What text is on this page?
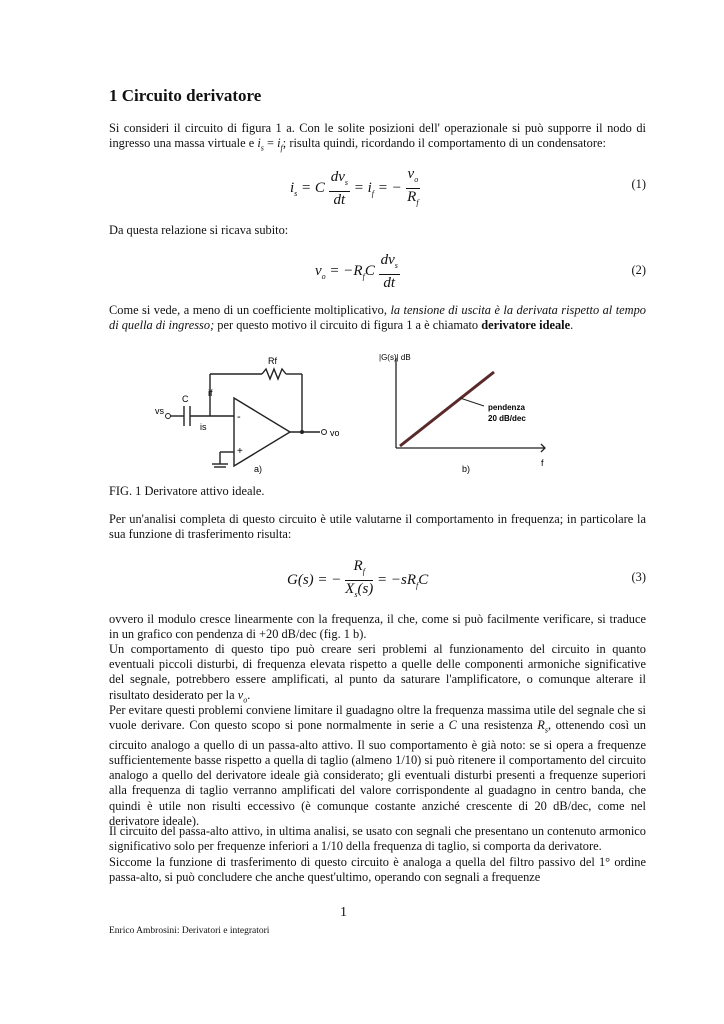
1 Circuito derivatore

Si consideri il circuito di figura 1 a. Con le solite posizioni dell' operazionale si può supporre il nodo di ingresso una massa virtuale e $i_s = i_f$; risulta quindi, ricordando il comportamento di un condensatore:

$i_s = C \frac{dv_s}{dt} = i_f$ = − $\frac{v_o}{R_f}$	(1)

Da questa relazione si ricava subito:

$v_o = -R_fC \frac{dv_s}{dt}$	(2)

Come si vede, a meno di un coefficiente moltiplicativo, la tensione di uscita è la derivata rispetto al tempo di quella di ingresso; per questo motivo il circuito di figura 1 a è chiamato derivatore ideale.

Rf
if
C
vs
is
-
+
vo
a)
|G(s)| dB
pendenza
20 dB/dec
f
b)
FIG. 1 Derivatore attivo ideale.

Per un'analisi completa di questo circuito è utile valutarne il comportamento in frequenza; in particolare la sua funzione di trasferimento risulta:

G(s) = − $\frac{R_f}{X_s(s)} = -sR_fC$	(3)

ovvero il modulo cresce linearmente con la frequenza, il che, come si può facilmente verificare, si traduce in un grafico con pendenza di +20 dB/dec (fig. 1 b).

Un comportamento di questo tipo può creare seri problemi al funzionamento del circuito in quanto eventuali piccoli disturbi, di frequenza elevata rispetto a quelle delle componenti armoniche significative del segnale, potrebbero essere amplificati, al punto da saturare l'amplificatore, o comunque alterare il risultato desiderato per la $v_o$.

Per evitare questi problemi conviene limitare il guadagno oltre la frequenza massima utile del segnale che si vuole derivare. Con questo scopo si pone normalmente in serie a C una resistenza $R_s$, ottenendo così un circuito analogo a quello di un passa-alto attivo. Il suo comportamento è già noto: se si opera a frequenze sufficientemente basse rispetto a quella di taglio (almeno 1/10) si può ritenere il comportamento del circuito analogo a quello del derivatore ideale già considerato; gli eventuali disturbi presenti a frequenze superiori alla frequenza di taglio verranno amplificati del valore corrispondente al guadagno in centro banda, che quindi è utile non risulti eccessivo (è comunque costante anziché crescente di 20 dB/dec, come nel derivatore ideale).

Il circuito del passa-alto attivo, in ultima analisi, se usato con segnali che presentano un contenuto armonico significativo solo per frequenze inferiori a 1/10 della frequenza di taglio, si comporta da derivatore.

Siccome la funzione di trasferimento di questo circuito è analoga a quella del filtro passivo del 1° ordine passa-alto, si può concludere che anche quest'ultimo, operando con segnali a frequenze

1
Enrico Ambrosini: Derivatori e integratori
